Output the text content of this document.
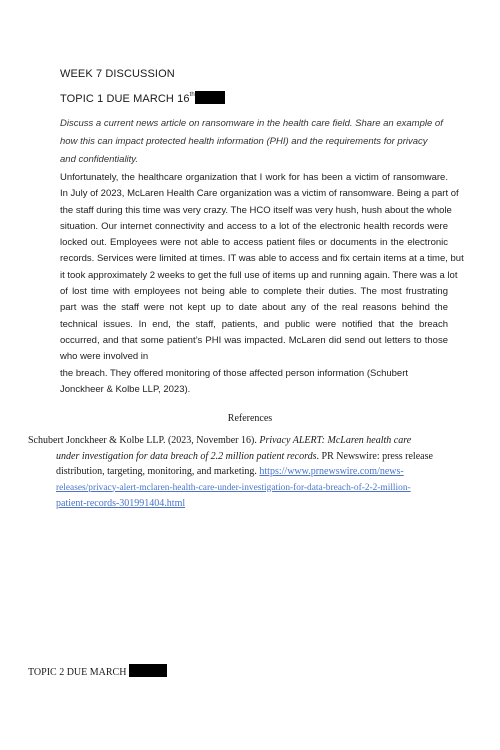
WEEK 7 DISCUSSION
TOPIC 1 DUE MARCH 16th
Discuss a current news article on ransomware in the health care field. Share an example of how this can impact protected health information (PHI) and the requirements for privacy and confidentiality.
Unfortunately, the healthcare organization that I work for has been a victim of ransomware.
In July of 2023, McLaren Health Care organization was a victim of ransomware. Being a part of
the staff during this time was very crazy. The HCO itself was very hush, hush about the whole
situation. Our internet connectivity and access to a lot of the electronic health records were
locked out. Employees were not able to access patient files or documents in the electronic
records. Services were limited at times. IT was able to access and fix certain items at a time, but
it took approximately 2 weeks to get the full use of items up and running again. There was a lot
of lost time with employees not being able to complete their duties. The most frustrating
part was the staff were not kept up to date about any of the real reasons behind the
technical issues. In end, the staff, patients, and public were notified that the breach
occurred, and that some patient’s PHI was impacted. McLaren did send out letters to those
who were involved in
the breach. They offered monitoring of those affected person information (Schubert
Jonckheer & Kolbe LLP, 2023).
References
Schubert Jonckheer & Kolbe LLP. (2023, November 16). Privacy ALERT: McLaren health care
under investigation for data breach of 2.2 million patient records. PR Newswire: press release
distribution, targeting, monitoring, and marketing. https://www.prnewswire.com/news-
releases/privacy-alert-mclaren-health-care-under-investigation-for-data-breach-of-2-2-million-
patient-records-301991404.html
TOPIC 2 DUE MARCH
